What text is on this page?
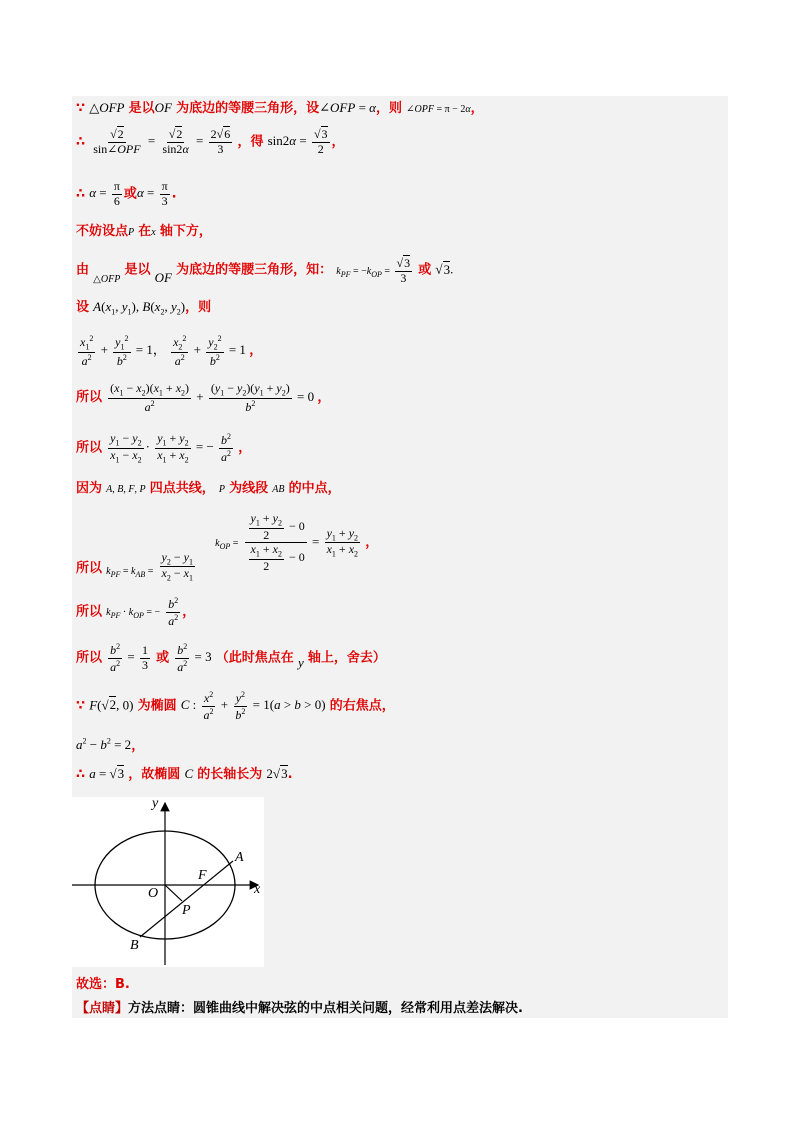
∵ △OFP 是以OF 为底边的等腰三角形，设∠OFP = α，则 ∠OPF = π − 2α，
∴ $\frac{√2}{\text{sin∠OPF}} = \frac{√2}{\sin 2\alpha} = \frac{2√6}{3}$ ，得 $\sin 2\alpha = \frac{√3}{2}$ ，
∴ $\alpha = \frac{\pi}{6}$ 或$\alpha = \frac{\pi}{3}$ .
不妨设点P 在x 轴下方，
由 $_{\triangle OFP}$ 是以 OF 为底边的等腰三角形，知： $k_{PF} = -k_{OP} = \frac{√3}{3}$ 或 √3.
设 $A(x_1$, $y_1$), $B(x_2$, $y_2$)，则
$\frac{x_1^2}{a^2} + \frac{y_1^2}{b^2} = 1$， $\frac{x_2^2}{a^2} + \frac{y_2^2}{b^2} = 1$ ，
所以 $\frac{(x_1 - x_2)(x_1 + x_2)}{a^2} + \frac{(y_1 - y_2)(y_1 + y_2)}{b^2} = 0$ ，
所以 $\frac{y_1 - y_2}{x_1 - x_2} \cdot \frac{y_1 + y_2}{x_1 + x_2}$ = − $\frac{b^2}{a^2}$ ，
因为 A, B, F, P 四点共线， P 为线段 AB 的中点，
所以 $_{k_{PF} = k_{AB} =} \frac{y_2 - y_1}{x_2 - x_1}$
$k_{OP} = \frac{\frac{y_1 + y_2}{2} - 0}{\frac{x_1 + x_2}{2} - 0} = \frac{y_1 + y_2}{x_1 + x_2}$ ，
所以 $k_{PF} \cdot k_{OP}$ = − $\frac{b^2}{a^2}$ ，
所以 $\frac{b^2}{a^2} = \frac{1}{3}$ 或 $\frac{b^2}{a^2} = 3$ （此时焦点在 y 轴上，舍去）
∵ F(√2, 0) 为椭圆 C : $\frac{x^2}{a^2} + \frac{y^2}{b^2} = 1(a > b > 0)$ 的右焦点，
$a^2 - b^2 = 2$，
∴ a = √3 ，故椭圆 C 的长轴长为 2√3.
y
x
O
F
A
P
B
故选：B.
【点睛】方法点睛：圆锥曲线中解决弦的中点相关问题，经常利用点差法解决.
